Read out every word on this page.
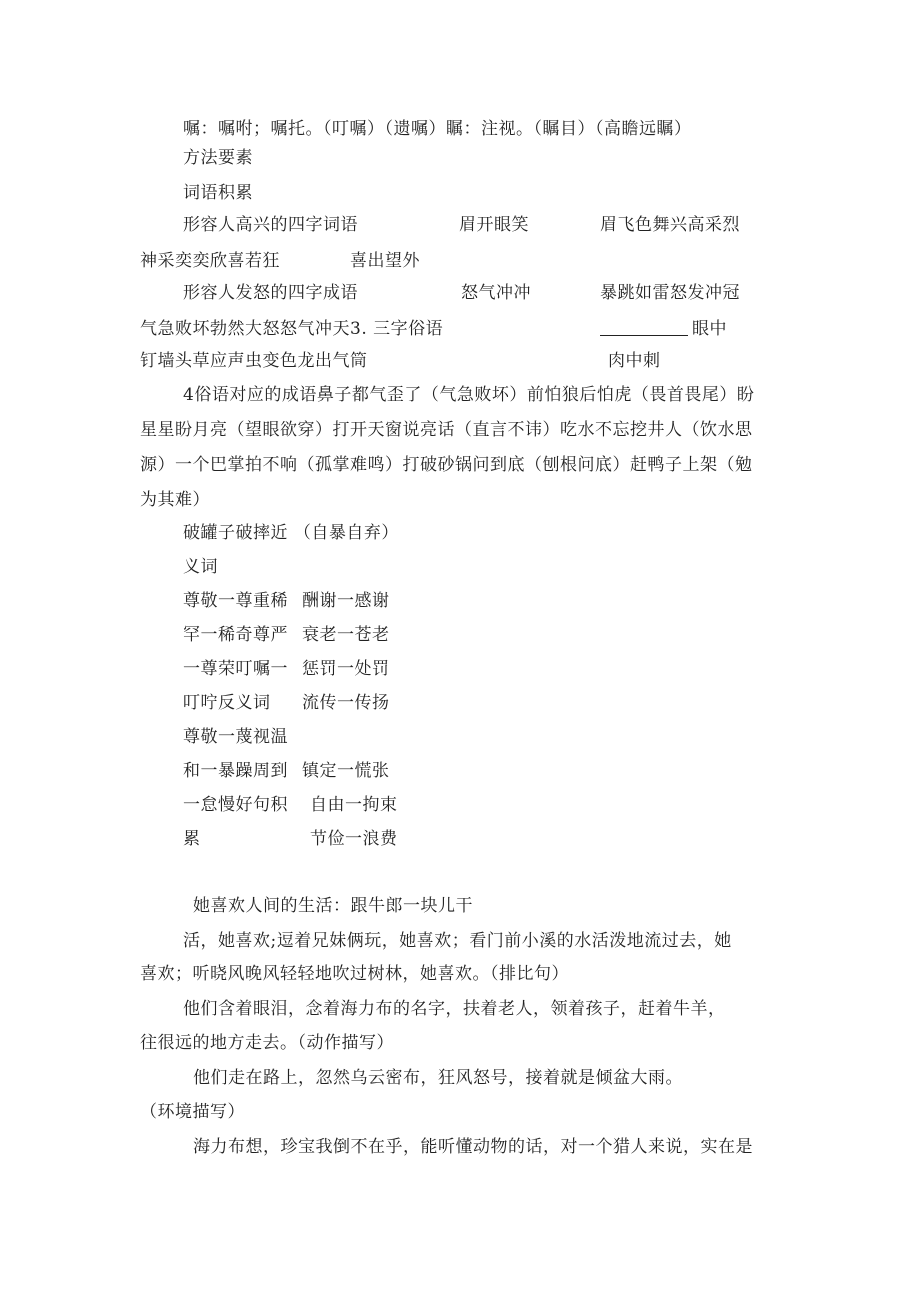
嘱：嘱咐；嘱托。（叮嘱）（遗嘱）瞩：注视。（瞩目）（高瞻远瞩）
方法要素
词语积累
形容人高兴的四字词语	眉开眼笑	眉飞色舞兴高采烈
神采奕奕欣喜若狂	喜出望外
形容人发怒的四字成语	怒气冲冲	暴跳如雷怒发冲冠
气急败坏勃然大怒怒气冲天3. 三字俗语	眼中
钉墙头草应声虫变色龙出气筒	肉中刺
4俗语对应的成语鼻子都气歪了（气急败坏）前怕狼后怕虎（畏首畏尾）盼
星星盼月亮（望眼欲穿）打开天窗说亮话（直言不讳）吃水不忘挖井人（饮水思
源）一个巴掌拍不响（孤掌难鸣）打破砂锅问到底（刨根问底）赶鸭子上架（勉
为其难）
破罐子破摔近 （自暴自弃）
义词
尊敬一尊重稀 酬谢一感谢
罕一稀奇尊严 衰老一苍老
一尊荣叮嘱一 惩罚一处罚
叮咛反义词 流传一传扬
尊敬一蔑视温
和一暴躁周到 镇定一慌张
一怠慢好句积 自由一拘束
累	节俭一浪费
她喜欢人间的生活：跟牛郎一块儿干
活，她喜欢;逗着兄妹俩玩，她喜欢；看门前小溪的水活泼地流过去，她
喜欢；听晓风晚风轻轻地吹过树林，她喜欢。（排比句）
他们含着眼泪，念着海力布的名字，扶着老人，领着孩子，赶着牛羊，
往很远的地方走去。（动作描写）
他们走在路上，忽然乌云密布，狂风怒号，接着就是倾盆大雨。
（环境描写）
海力布想，珍宝我倒不在乎，能听懂动物的话，对一个猎人来说，实在是
